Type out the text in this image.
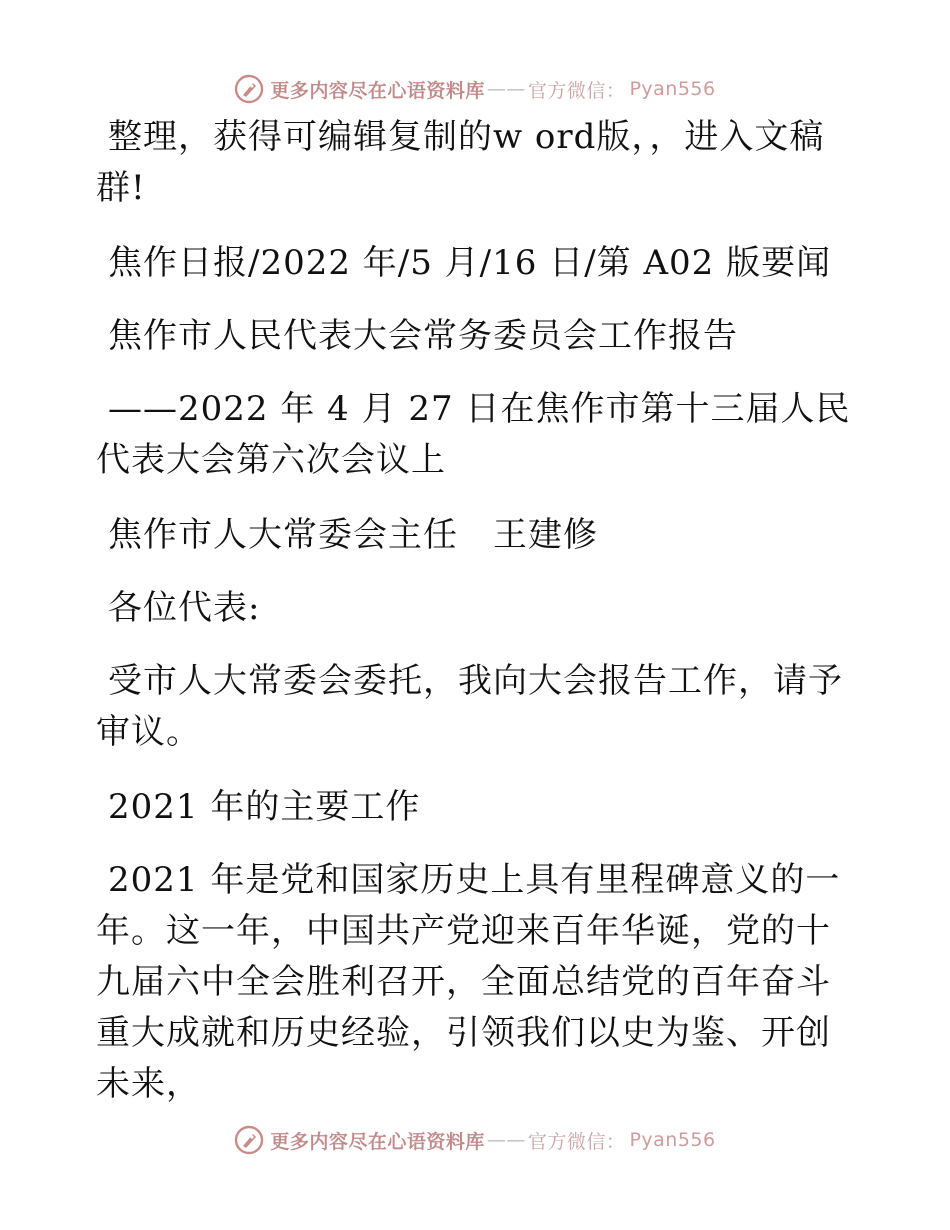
更多内容尽在心语资料库 —— 官方微信： Pyan556
整理，获得可编辑复制的w ord版，，进入文稿群!
焦作日报/2022 年/5 月/16 日/第 A02 版要闻
焦作市人民代表大会常务委员会工作报告
——2022 年 4 月 27 日在焦作市第十三届人民代表大会第六次会议上
焦作市人大常委会主任　王建修
各位代表:
受市人大常委会委托，我向大会报告工作，请予审议。
2021 年的主要工作
2021 年是党和国家历史上具有里程碑意义的一年。这一年，中国共产党迎来百年华诞，党的十九届六中全会胜利召开，全面总结党的百年奋斗重大成就和历史经验，引领我们以史为鉴、开创未来，
更多内容尽在心语资料库 —— 官方微信： Pyan556
